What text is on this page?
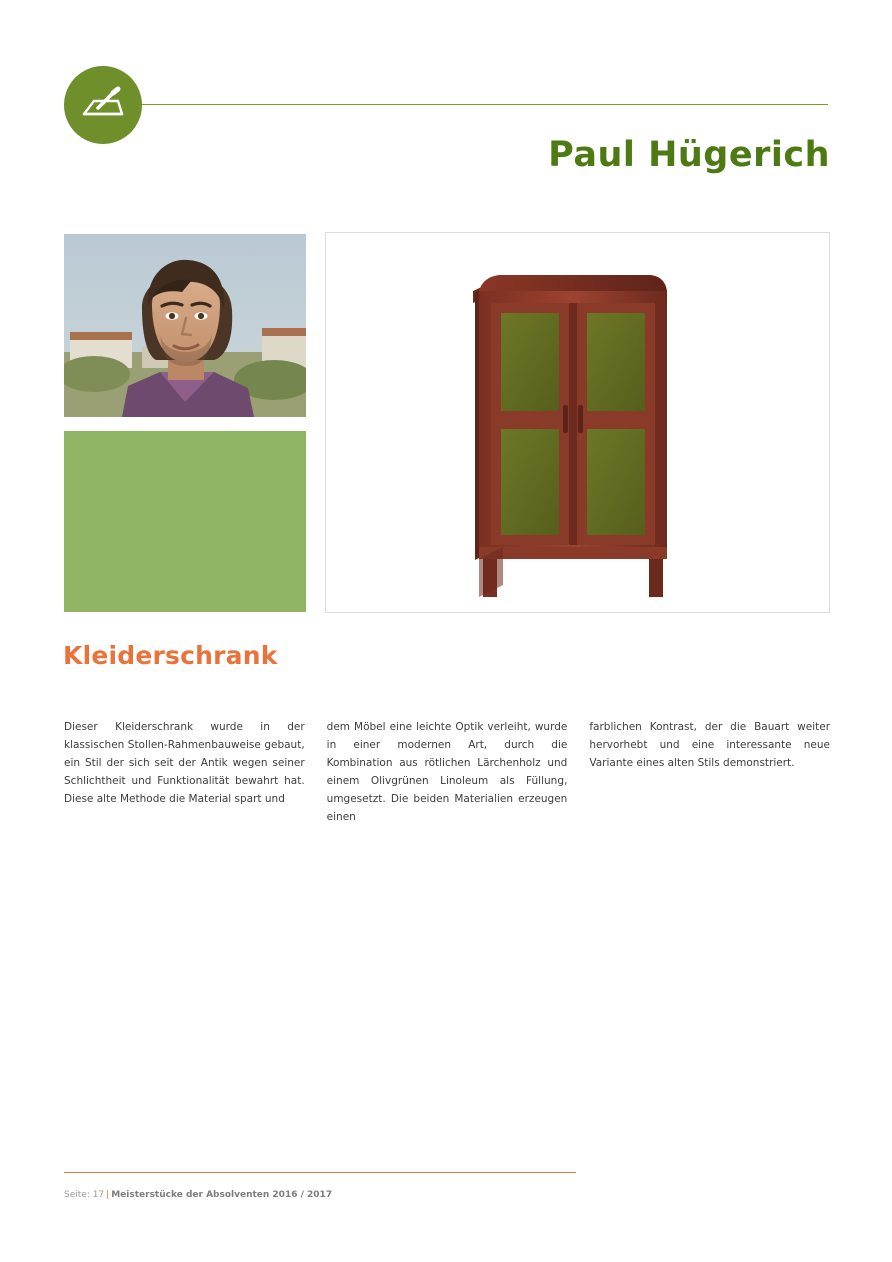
Paul Hügerich
Kleiderschrank

Dieser Kleiderschrank wurde in der klassischen Stollen-Rahmenbauweise gebaut, ein Stil der sich seit der Antik wegen seiner Schlichtheit und Funktionalität bewahrt hat. Diese alte Methode die Material spart und

dem Möbel eine leichte Optik verleiht, wurde in einer modernen Art, durch die Kombination aus rötlichen Lärchenholz und einem Olivgrünen Linoleum als Füllung, umgesetzt. Die beiden Materialien erzeugen einen

farblichen Kontrast, der die Bauart weiter hervorhebt und eine interessante neue Variante eines alten Stils demonstriert.

Seite: 17 | Meisterstücke der Absolventen 2016 / 2017
